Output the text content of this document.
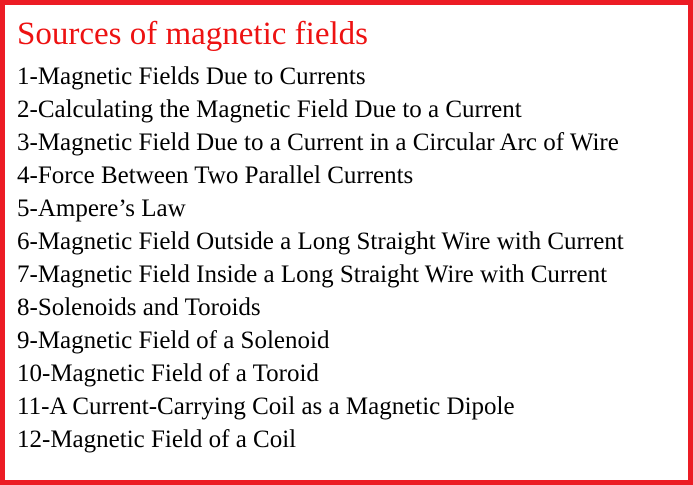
Sources of magnetic fields
1-Magnetic Fields Due to Currents
2-Calculating the Magnetic Field Due to a Current
3-Magnetic Field Due to a Current in a Circular Arc of Wire
4-Force Between Two Parallel Currents
5-Ampere’s Law
6-Magnetic Field Outside a Long Straight Wire with Current
7-Magnetic Field Inside a Long Straight Wire with Current
8-Solenoids and Toroids
9-Magnetic Field of a Solenoid
10-Magnetic Field of a Toroid
11-A Current-Carrying Coil as a Magnetic Dipole
12-Magnetic Field of a Coil
